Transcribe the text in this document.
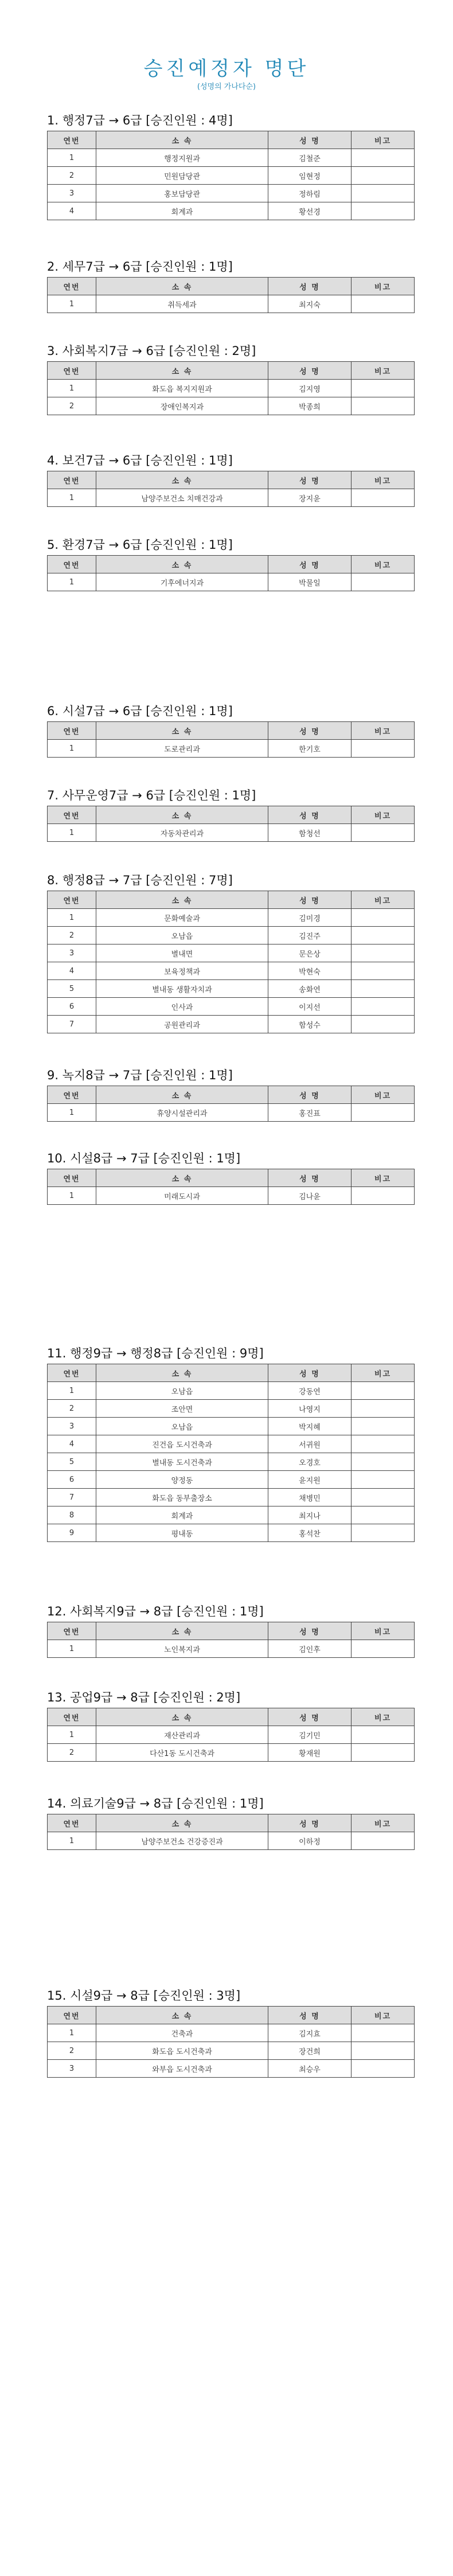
승진예정자 명단
(성명의 가나다순)
1. 행정7급 → 6급 [승진인원 : 4명]
연번	소 속	성 명	비고
1	행정지원과	김철준	
2	민원담당관	임현정	
3	홍보담당관	정하림	
4	회계과	황선경	
2. 세무7급 → 6급 [승진인원 : 1명]
연번	소 속	성 명	비고
1	취득세과	최지숙	
3. 사회복지7급 → 6급 [승진인원 : 2명]
연번	소 속	성 명	비고
1	화도읍 복지지원과	김지영	
2	장애인복지과	박종희	
4. 보건7급 → 6급 [승진인원 : 1명]
연번	소 속	성 명	비고
1	남양주보건소 치매건강과	장지윤	
5. 환경7급 → 6급 [승진인원 : 1명]
연번	소 속	성 명	비고
1	기후에너지과	박물일	
6. 시설7급 → 6급 [승진인원 : 1명]
연번	소 속	성 명	비고
1	도로관리과	한기호	
7. 사무운영7급 → 6급 [승진인원 : 1명]
연번	소 속	성 명	비고
1	자동차관리과	함청선	
8. 행정8급 → 7급 [승진인원 : 7명]
연번	소 속	성 명	비고
1	문화예술과	김미경	
2	오남읍	김진주	
3	별내면	문은상	
4	보육정책과	박현숙	
5	별내동 생활자치과	송화연	
6	인사과	이지선	
7	공원관리과	함성수	
9. 녹지8급 → 7급 [승진인원 : 1명]
연번	소 속	성 명	비고
1	휴양시설관리과	홍진표	
10. 시설8급 → 7급 [승진인원 : 1명]
연번	소 속	성 명	비고
1	미래도시과	김나윤	
11. 행정9급 → 행정8급 [승진인원 : 9명]
연번	소 속	성 명	비고
1	오남읍	강동연	
2	조안면	나영지	
3	오남읍	박지혜	
4	진건읍 도시건축과	서귀원	
5	별내동 도시건축과	오경호	
6	양정동	윤지원	
7	화도읍 동부출장소	채병민	
8	회계과	최지나	
9	평내동	홍석찬	
12. 사회복지9급 → 8급 [승진인원 : 1명]
연번	소 속	성 명	비고
1	노인복지과	김인후	
13. 공업9급 → 8급 [승진인원 : 2명]
연번	소 속	성 명	비고
1	재산관리과	김기민	
2	다산1동 도시건축과	황재원	
14. 의료기술9급 → 8급 [승진인원 : 1명]
연번	소 속	성 명	비고
1	남양주보건소 건강증진과	이하정	
15. 시설9급 → 8급 [승진인원 : 3명]
연번	소 속	성 명	비고
1	건축과	김지효	
2	화도읍 도시건축과	장건희	
3	와부읍 도시건축과	최승우	
